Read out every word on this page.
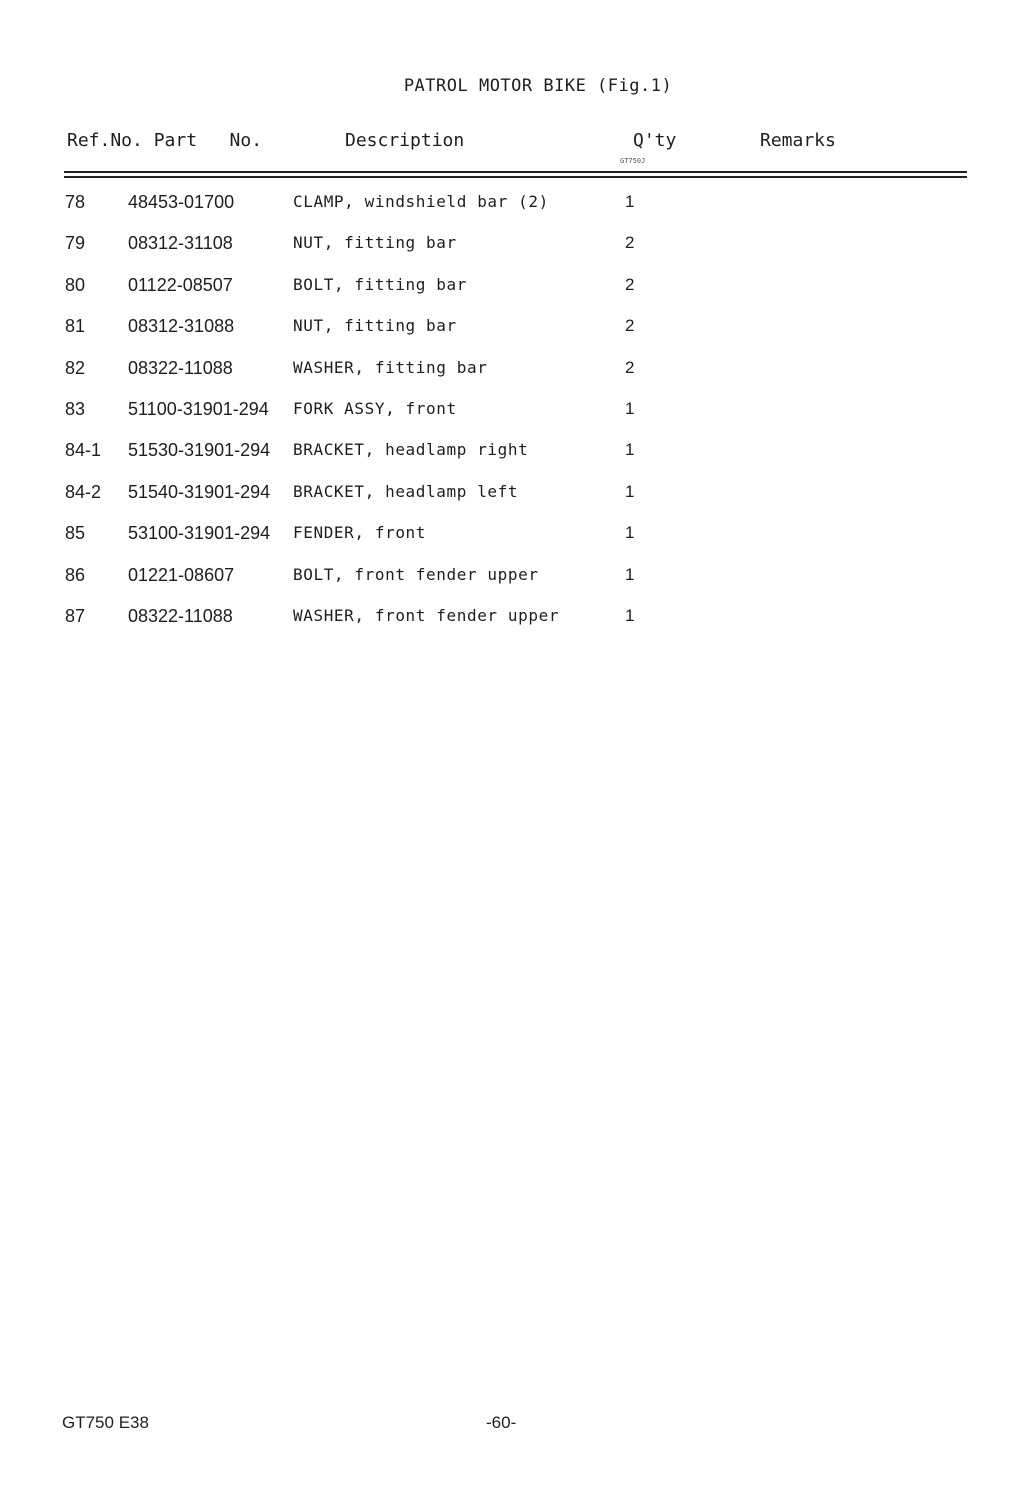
PATROL MOTOR BIKE (Fig.1)
Ref.No. Part   No.	Description	Q'ty	Remarks
GT750J
78 48453-01700	CLAMP, windshield bar (2)	1
79 08312-31108	NUT, fitting bar	2
80 01122-08507	BOLT, fitting bar	2
81 08312-31088	NUT, fitting bar	2
82 08322-11088	WASHER, fitting bar	2
83 51100-31901-294 FORK ASSY, front	1
84-1 51530-31901-294 BRACKET, headlamp right	1
84-2 51540-31901-294 BRACKET, headlamp left	1
85 53100-31901-294 FENDER, front	1
86 01221-08607	BOLT, front fender upper	1
87 08322-11088	WASHER, front fender upper	1
GT750 E38	-60-
